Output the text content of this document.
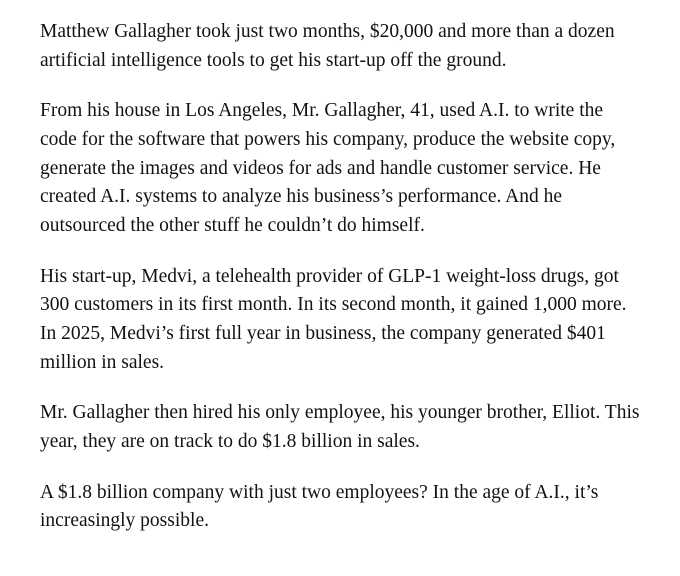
Matthew Gallagher took just two months, $20,000 and more than a dozen artificial intelligence tools to get his start-up off the ground.

From his house in Los Angeles, Mr. Gallagher, 41, used A.I. to write the code for the software that powers his company, produce the website copy, generate the images and videos for ads and handle customer service. He created A.I. systems to analyze his business’s performance. And he outsourced the other stuff he couldn’t do himself.

His start-up, Medvi, a telehealth provider of GLP-1 weight-loss drugs, got 300 customers in its first month. In its second month, it gained 1,000 more. In 2025, Medvi’s first full year in business, the company generated $401 million in sales.

Mr. Gallagher then hired his only employee, his younger brother, Elliot. This year, they are on track to do $1.8 billion in sales.

A $1.8 billion company with just two employees? In the age of A.I., it’s increasingly possible.
